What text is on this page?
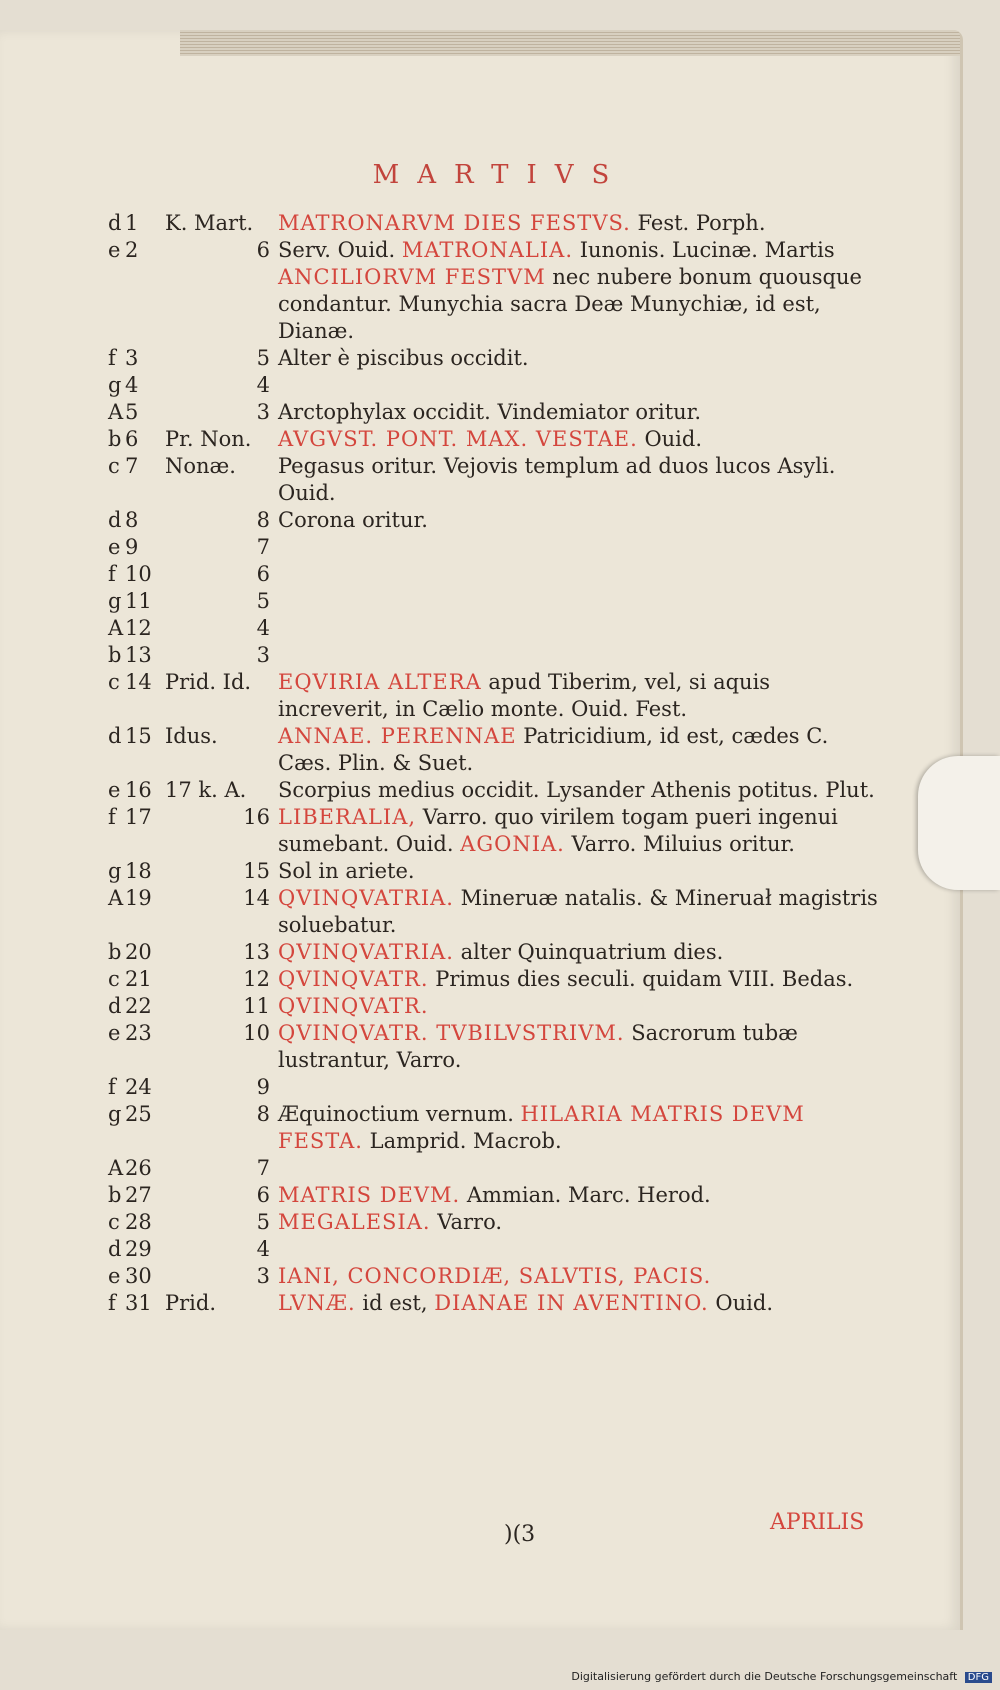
MARTIVS
d 1	K. Mart.	MATRONARVM DIES FESTVS. Fest. Porph.
e 2	6 Serv. Ouid. MATRONALIA. Iunonis. Lucinæ. Martis ANCILIORVM FESTVM nec nubere bonum quousque condantur. Munychia sacra Deæ Munychiæ, id est, Dianæ.
f 3	5 Alter è piscibus occidit.
g 4	4
A 5	3 Arctophylax occidit. Vindemiator oritur.
b 6	Pr. Non.	AVGVST. PONT. MAX. VESTAE. Ouid.
c 7	Nonæ.	Pegasus oritur. Vejovis templum ad duos lucos Asyli. Ouid.
d 8	8 Corona oritur.
e 9	7
f 10	6
g 11	5
A 12	4
b 13	3
c 14 Prid. Id.	EQVIRIA ALTERA apud Tiberim, vel, si aquis increverit, in Cælio monte. Ouid. Fest.
d 15 Idus.	ANNAE. PERENNAE Patricidium, id est, cædes C. Cæs. Plin. & Suet.
e 16 17 k. A.	Scorpius medius occidit. Lysander Athenis potitus. Plut.
f 17	16 LIBERALIA, Varro. quo virilem togam pueri ingenui sumebant. Ouid. AGONIA. Varro. Miluius oritur.
g 18	15 Sol in ariete.
A 19	14 QVINQVATRIA. Mineruæ natalis. & Mineruał magistris soluebatur.
b 20	13 QVINQVATRIA. alter Quinquatrium dies.
c 21	12 QVINQVATR. Primus dies seculi. quidam VIII. Bedas.
d 22	11 QVINQVATR.
e 23	10 QVINQVATR. TVBILVSTRIVM. Sacrorum tubæ lustrantur, Varro.
f 24	9
g 25	8 Æquinoctium vernum. HILARIA MATRIS DEVM FESTA. Lamprid. Macrob.
A 26	7
b 27	6 MATRIS DEVM. Ammian. Marc. Herod.
c 28	5 MEGALESIA. Varro.
d 29	4
e 30	3 IANI, CONCORDIÆ, SALVTIS, PACIS.
f 31 Prid.	LVNÆ. id est, DIANAE IN AVENTINO. Ouid.
)(3	APRILIS
Digitalisierung gefördert durch die Deutsche Forschungsgemeinschaft DFG
